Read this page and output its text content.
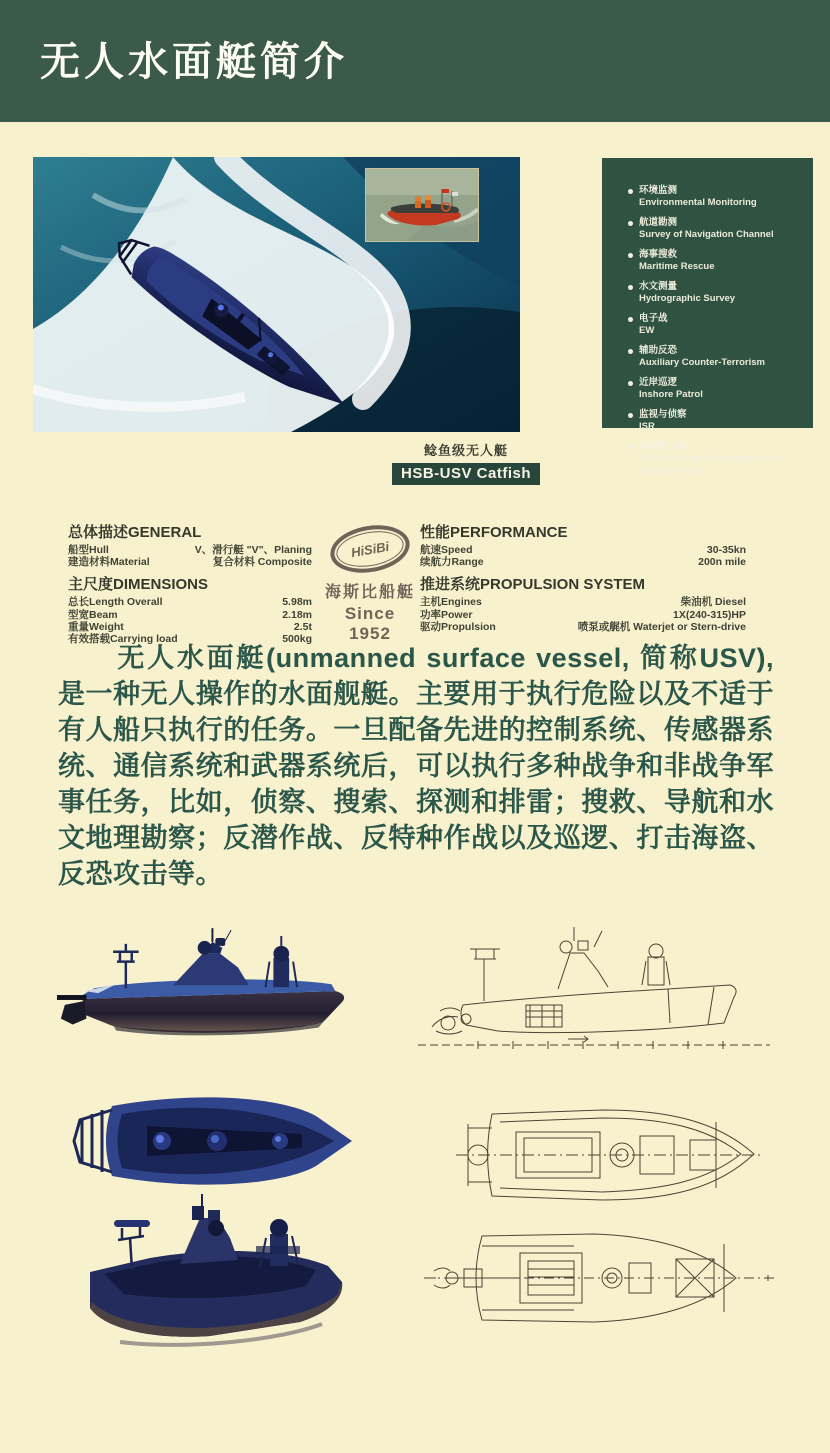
无人水面艇简介
环境监测
Environmental Monitoring
航道勘测
Survey of Navigation Channel
海事搜救
Maritime Rescue
水文测量
Hydrographic Survey
电子战
EW
辅助反恐
Auxiliary Counter-Terrorism
近岸巡逻
Inshore Patrol
监视与侦察
ISR
集装箱运输
Can be put into 20' container for transportation.
鲶鱼级无人艇
HSB-USV Catfish
总体描述GENERAL
船型Hull	V、滑行艇 "V"、Planing
建造材料Material	复合材料 Composite
主尺度DIMENSIONS
总长Length Overall	5.98m
型宽Beam	2.18m
重量Weight	2.5t
有效搭载Carrying load	500kg
HiSiBi
海斯比船艇
Since 1952
性能PERFORMANCE
航速Speed	30-35kn
续航力Range	200n mile
推进系统PROPULSION SYSTEM
主机Engines	柴油机 Diesel
功率Power	1X(240-315)HP
驱动Propulsion	喷泵或艉机 Waterjet or Stern-drive
无人水面艇(unmanned surface vessel, 简称USV), 是一种无人操作的水面舰艇。主要用于执行危险以及不适于有人船只执行的任务。一旦配备先进的控制系统、传感器系统、通信系统和武器系统后，可以执行多种战争和非战争军事任务，比如，侦察、搜索、探测和排雷；搜救、导航和水文地理勘察；反潜作战、反特种作战以及巡逻、打击海盗、反恐攻击等。
